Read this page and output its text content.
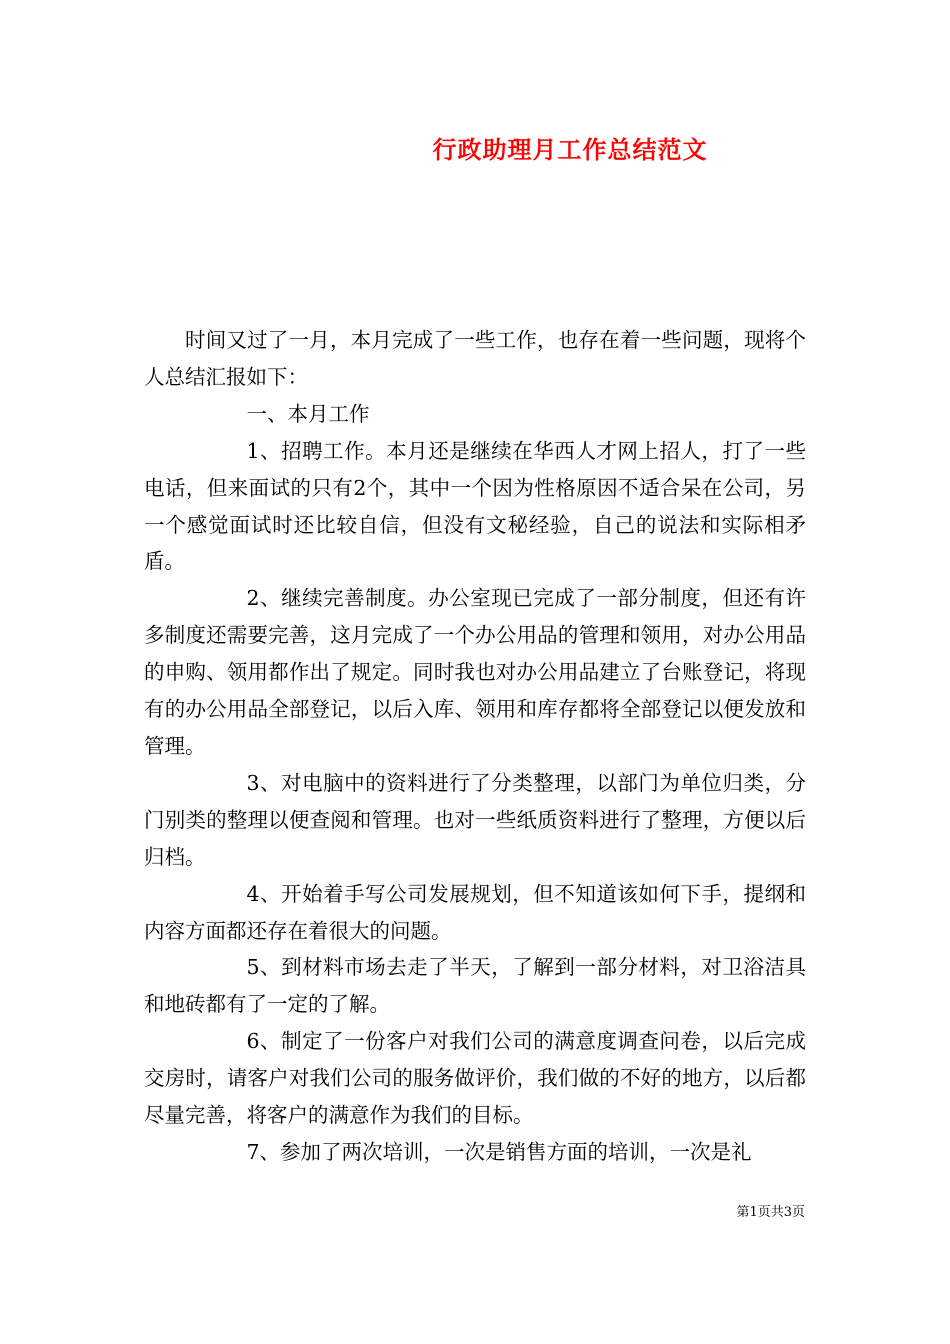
行政助理月工作总结范文

时间又过了一月，本月完成了一些工作，也存在着一些问题，现将个人总结汇报如下：

一、本月工作

1、招聘工作。本月还是继续在华西人才网上招人，打了一些电话，但来面试的只有2个，其中一个因为性格原因不适合呆在公司，另一个感觉面试时还比较自信，但没有文秘经验，自己的说法和实际相矛盾。

2、继续完善制度。办公室现已完成了一部分制度，但还有许多制度还需要完善，这月完成了一个办公用品的管理和领用，对办公用品的申购、领用都作出了规定。同时我也对办公用品建立了台账登记，将现有的办公用品全部登记，以后入库、领用和库存都将全部登记以便发放和管理。

3、对电脑中的资料进行了分类整理，以部门为单位归类，分门别类的整理以便查阅和管理。也对一些纸质资料进行了整理，方便以后归档。

4、开始着手写公司发展规划，但不知道该如何下手，提纲和内容方面都还存在着很大的问题。

5、到材料市场去走了半天，了解到一部分材料，对卫浴洁具和地砖都有了一定的了解。

6、制定了一份客户对我们公司的满意度调查问卷，以后完成交房时，请客户对我们公司的服务做评价，我们做的不好的地方，以后都尽量完善，将客户的满意作为我们的目标。

7、参加了两次培训，一次是销售方面的培训，一次是礼

第1页共3页
